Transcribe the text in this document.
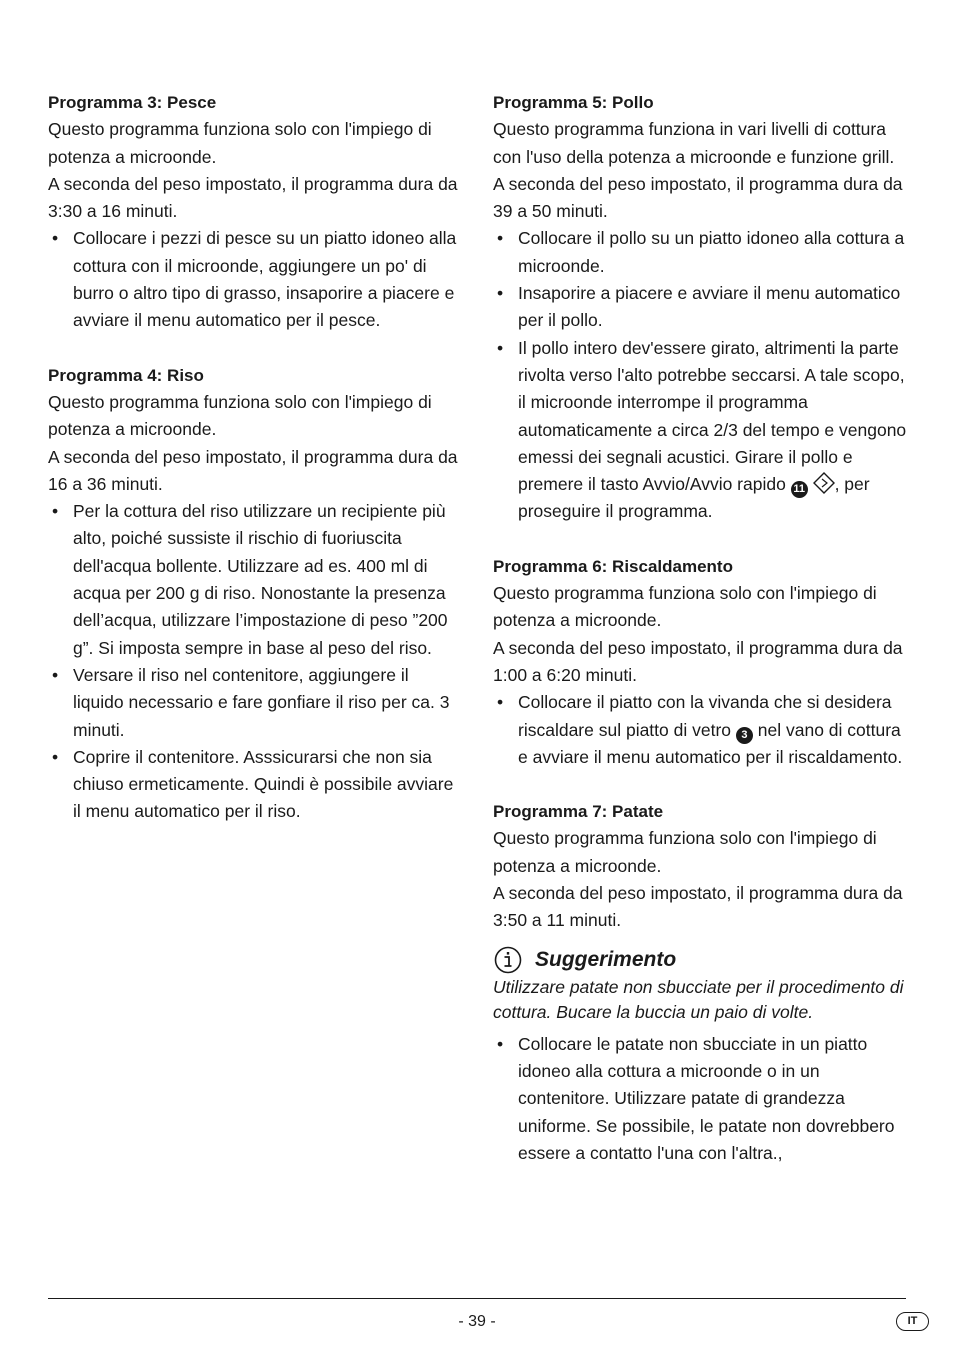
Programma 3: Pesce

Questo programma funziona solo con l'impiego di potenza a microonde.

A seconda del peso impostato, il programma dura da 3:30 a 16 minuti.

• Collocare i pezzi di pesce su un piatto idoneo alla cottura con il microonde, aggiungere un po' di burro o altro tipo di grasso, insaporire a piacere e avviare il menu automatico per il pesce.

Programma 4: Riso

Questo programma funziona solo con l'impiego di potenza a microonde.

A seconda del peso impostato, il programma dura da 16 a 36 minuti.

• Per la cottura del riso utilizzare un recipiente più alto, poiché sussiste il rischio di fuoriuscita dell'acqua bollente. Utilizzare ad es. 400 ml di acqua per 200 g di riso. Nonostante la presenza dell’acqua, utilizzare l’impostazione di peso ”200 g”. Si imposta sempre in base al peso del riso.
• Versare il riso nel contenitore, aggiungere il liquido necessario e fare gonfiare il riso per ca. 3 minuti.
• Coprire il contenitore. Asssicurarsi che non sia chiuso ermeticamente. Quindi è possibile avviare il menu automatico per il riso.

Programma 5: Pollo

Questo programma funziona in vari livelli di cottura con l'uso della potenza a microonde e funzione grill.

A seconda del peso impostato, il programma dura da 39 a 50 minuti.

• Collocare il pollo su un piatto idoneo alla cottura a microonde.
• Insaporire a piacere e avviare il menu automatico per il pollo.
• Il pollo intero dev'essere girato, altrimenti la parte rivolta verso l'alto potrebbe seccarsi. A tale scopo, il microonde interrompe il programma automaticamente a circa 2/3 del tempo e vengono emessi dei segnali acustici. Girare il pollo e premere il tasto Avvio/Avvio rapido 11 , per proseguire il programma.

Programma 6: Riscaldamento

Questo programma funziona solo con l'impiego di potenza a microonde.

A seconda del peso impostato, il programma dura da 1:00 a 6:20 minuti.

• Collocare il piatto con la vivanda che si desidera riscaldare sul piatto di vetro 3 nel vano di cottura e avviare il menu automatico per il riscaldamento.

Programma 7: Patate

Questo programma funziona solo con l'impiego di potenza a microonde.

A seconda del peso impostato, il programma dura da 3:50 a 11 minuti.

Suggerimento

Utilizzare patate non sbucciate per il procedimento di cottura. Bucare la buccia un paio di volte.

• Collocare le patate non sbucciate in un piatto idoneo alla cottura a microonde o in un contenitore. Utilizzare patate di grandezza uniforme. Se possibile, le patate non dovrebbero essere a contatto l'una con l'altra.,
- 39 -	IT
